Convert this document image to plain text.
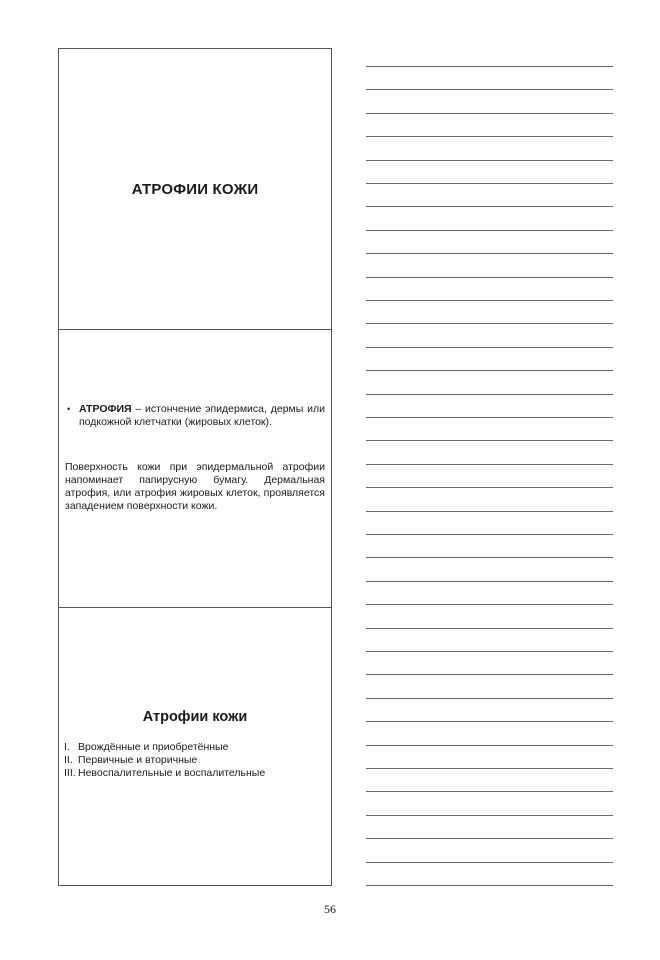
АТРОФИИ КОЖИ
• АТРОФИЯ – истончение эпидермиса, дермы или подкожной клетчатки (жировых клеток).
Поверхность кожи при эпидермальной атрофии напоминает папирусную бумагу. Дермальная атрофия, или атрофия жировых клеток, проявляется западением поверхности кожи.
Атрофии кожи
I. Врождённые и приобретённые
II. Первичные и вторичные
III. Невоспалительные и воспалительные
56
